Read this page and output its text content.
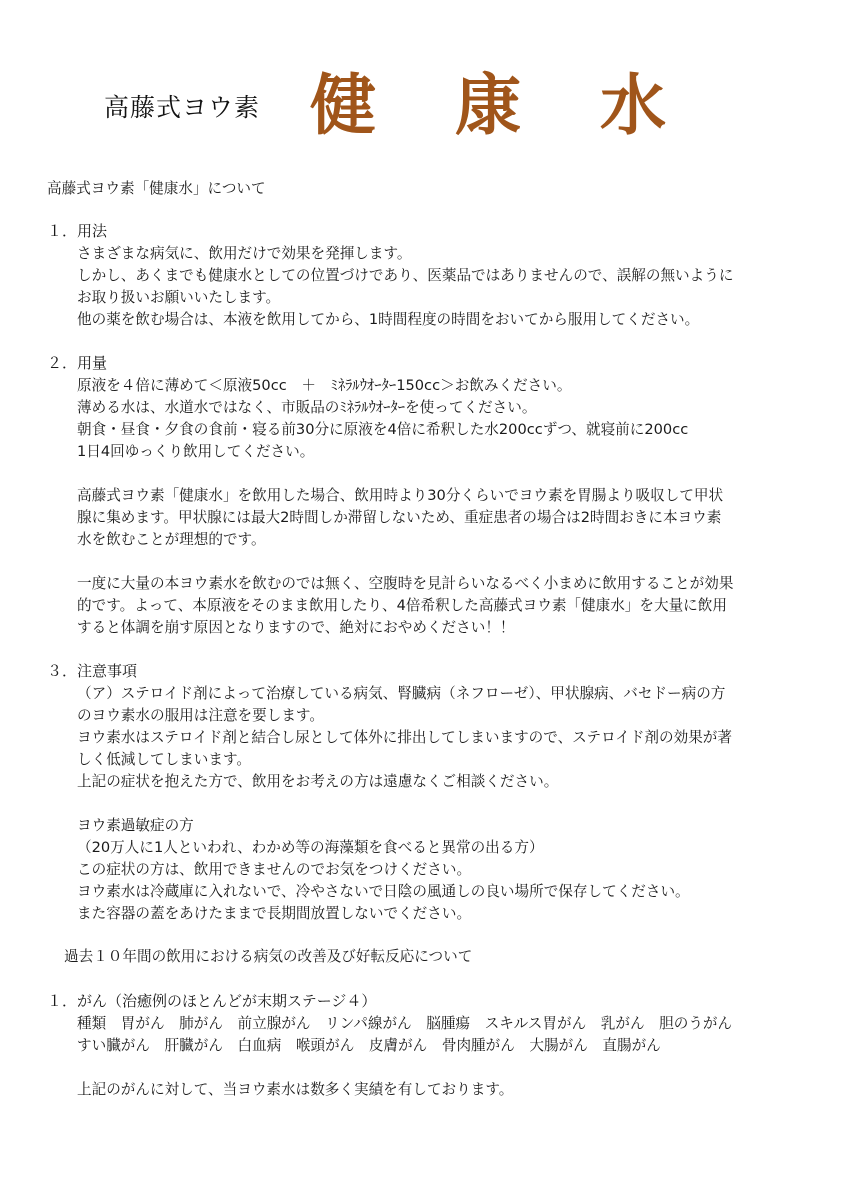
高藤式ヨウ素 健 康 水
高藤式ヨウ素「健康水」について
１．用法
さまざまな病気に、飲用だけで効果を発揮します。
しかし、あくまでも健康水としての位置づけであり、医薬品ではありませんので、誤解の無いように
お取り扱いお願いいたします。
他の薬を飲む場合は、本液を飲用してから、1時間程度の時間をおいてから服用してください。
２．用量
原液を４倍に薄めて＜原液50cc　＋　ﾐﾈﾗﾙｳｵｰﾀｰ150cc＞お飲みください。
薄める水は、水道水ではなく、市販品のﾐﾈﾗﾙｳｵｰﾀｰを使ってください。
朝食・昼食・夕食の食前・寝る前30分に原液を4倍に希釈した水200ccずつ、就寝前に200cc
1日4回ゆっくり飲用してください。
高藤式ヨウ素「健康水」を飲用した場合、飲用時より30分くらいでヨウ素を胃腸より吸収して甲状
腺に集めます。甲状腺には最大2時間しか滞留しないため、重症患者の場合は2時間おきに本ヨウ素
水を飲むことが理想的です。
一度に大量の本ヨウ素水を飲むのでは無く、空腹時を見計らいなるべく小まめに飲用することが効果
的です。よって、本原液をそのまま飲用したり、4倍希釈した高藤式ヨウ素「健康水」を大量に飲用
すると体調を崩す原因となりますので、絶対におやめください！！
３．注意事項
（ア）ステロイド剤によって治療している病気、腎臓病（ネフローゼ）、甲状腺病、バセドー病の方
のヨウ素水の服用は注意を要します。
ヨウ素水はステロイド剤と結合し尿として体外に排出してしまいますので、ステロイド剤の効果が著
しく低減してしまいます。
上記の症状を抱えた方で、飲用をお考えの方は遠慮なくご相談ください。
ヨウ素過敏症の方
（20万人に1人といわれ、わかめ等の海藻類を食べると異常の出る方）
この症状の方は、飲用できませんのでお気をつけください。
ヨウ素水は冷蔵庫に入れないで、冷やさないで日陰の風通しの良い場所で保存してください。
また容器の蓋をあけたままで長期間放置しないでください。
過去１０年間の飲用における病気の改善及び好転反応について
１．がん（治癒例のほとんどが末期ステージ４）
種類　胃がん　肺がん　前立腺がん　リンパ線がん　脳腫瘍　スキルス胃がん　乳がん　胆のうがん
すい臓がん　肝臓がん　白血病　喉頭がん　皮膚がん　骨肉腫がん　大腸がん　直腸がん
上記のがんに対して、当ヨウ素水は数多く実績を有しております。
